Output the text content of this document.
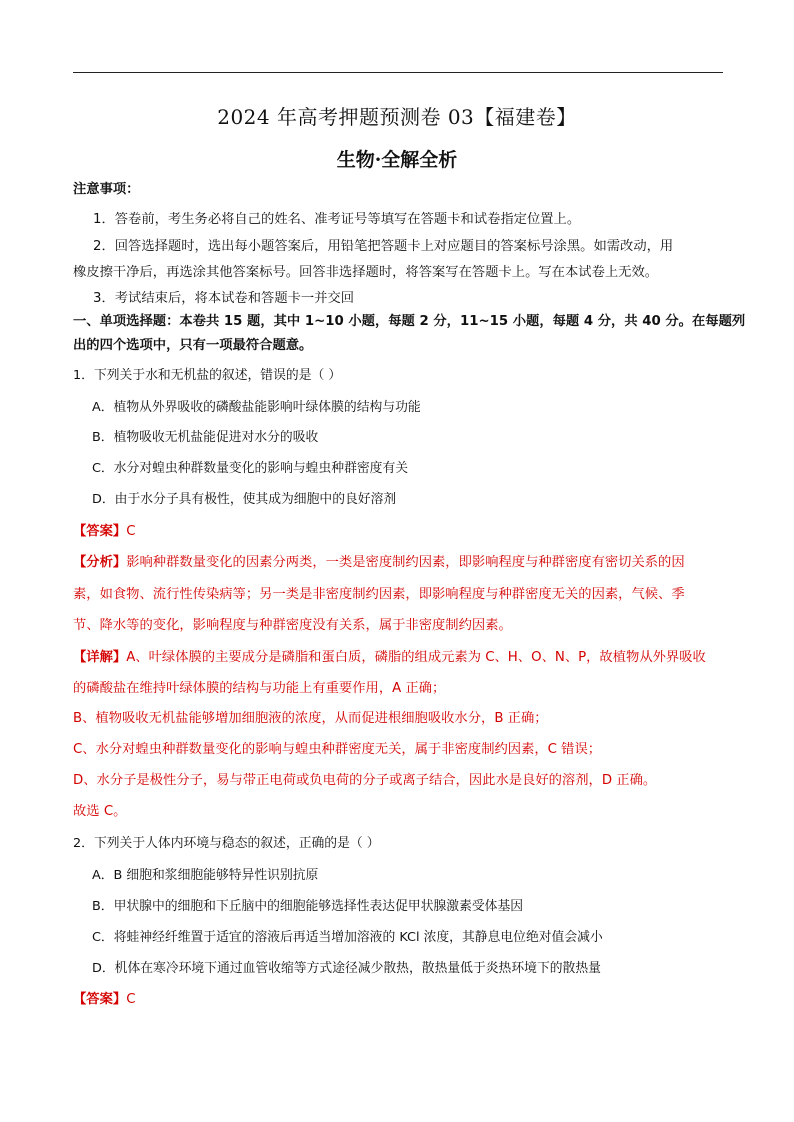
2024 年高考押题预测卷 03【福建卷】
生物·全解全析
注意事项：
1．答卷前，考生务必将自己的姓名、准考证号等填写在答题卡和试卷指定位置上。
2．回答选择题时，选出每小题答案后，用铅笔把答题卡上对应题目的答案标号涂黑。如需改动，用
橡皮擦干净后，再选涂其他答案标号。回答非选择题时，将答案写在答题卡上。写在本试卷上无效。
3．考试结束后，将本试卷和答题卡一并交回
一、单项选择题：本卷共 15 题，其中 1~10 小题，每题 2 分，11~15 小题，每题 4 分，共 40 分。在每题列
出的四个选项中，只有一项最符合题意。
1．下列关于水和无机盐的叙述，错误的是（ ）
A．植物从外界吸收的磷酸盐能影响叶绿体膜的结构与功能
B．植物吸收无机盐能促进对水分的吸收
C．水分对蝗虫种群数量变化的影响与蝗虫种群密度有关
D．由于水分子具有极性，使其成为细胞中的良好溶剂
【答案】C
【分析】影响种群数量变化的因素分两类，一类是密度制约因素，即影响程度与种群密度有密切关系的因
素，如食物、流行性传染病等；另一类是非密度制约因素，即影响程度与种群密度无关的因素，气候、季
节、降水等的变化，影响程度与种群密度没有关系，属于非密度制约因素。
【详解】A、叶绿体膜的主要成分是磷脂和蛋白质，磷脂的组成元素为 C、H、O、N、P，故植物从外界吸收
的磷酸盐在维持叶绿体膜的结构与功能上有重要作用，A 正确；
B、植物吸收无机盐能够增加细胞液的浓度，从而促进根细胞吸收水分，B 正确；
C、水分对蝗虫种群数量变化的影响与蝗虫种群密度无关，属于非密度制约因素，C 错误；
D、水分子是极性分子，易与带正电荷或负电荷的分子或离子结合，因此水是良好的溶剂，D 正确。
故选 C。
2．下列关于人体内环境与稳态的叙述，正确的是（ ）
A．B 细胞和浆细胞能够特异性识别抗原
B．甲状腺中的细胞和下丘脑中的细胞能够选择性表达促甲状腺激素受体基因
C．将蛙神经纤维置于适宜的溶液后再适当增加溶液的 KCl 浓度，其静息电位绝对值会减小
D．机体在寒冷环境下通过血管收缩等方式途径减少散热，散热量低于炎热环境下的散热量
【答案】C
